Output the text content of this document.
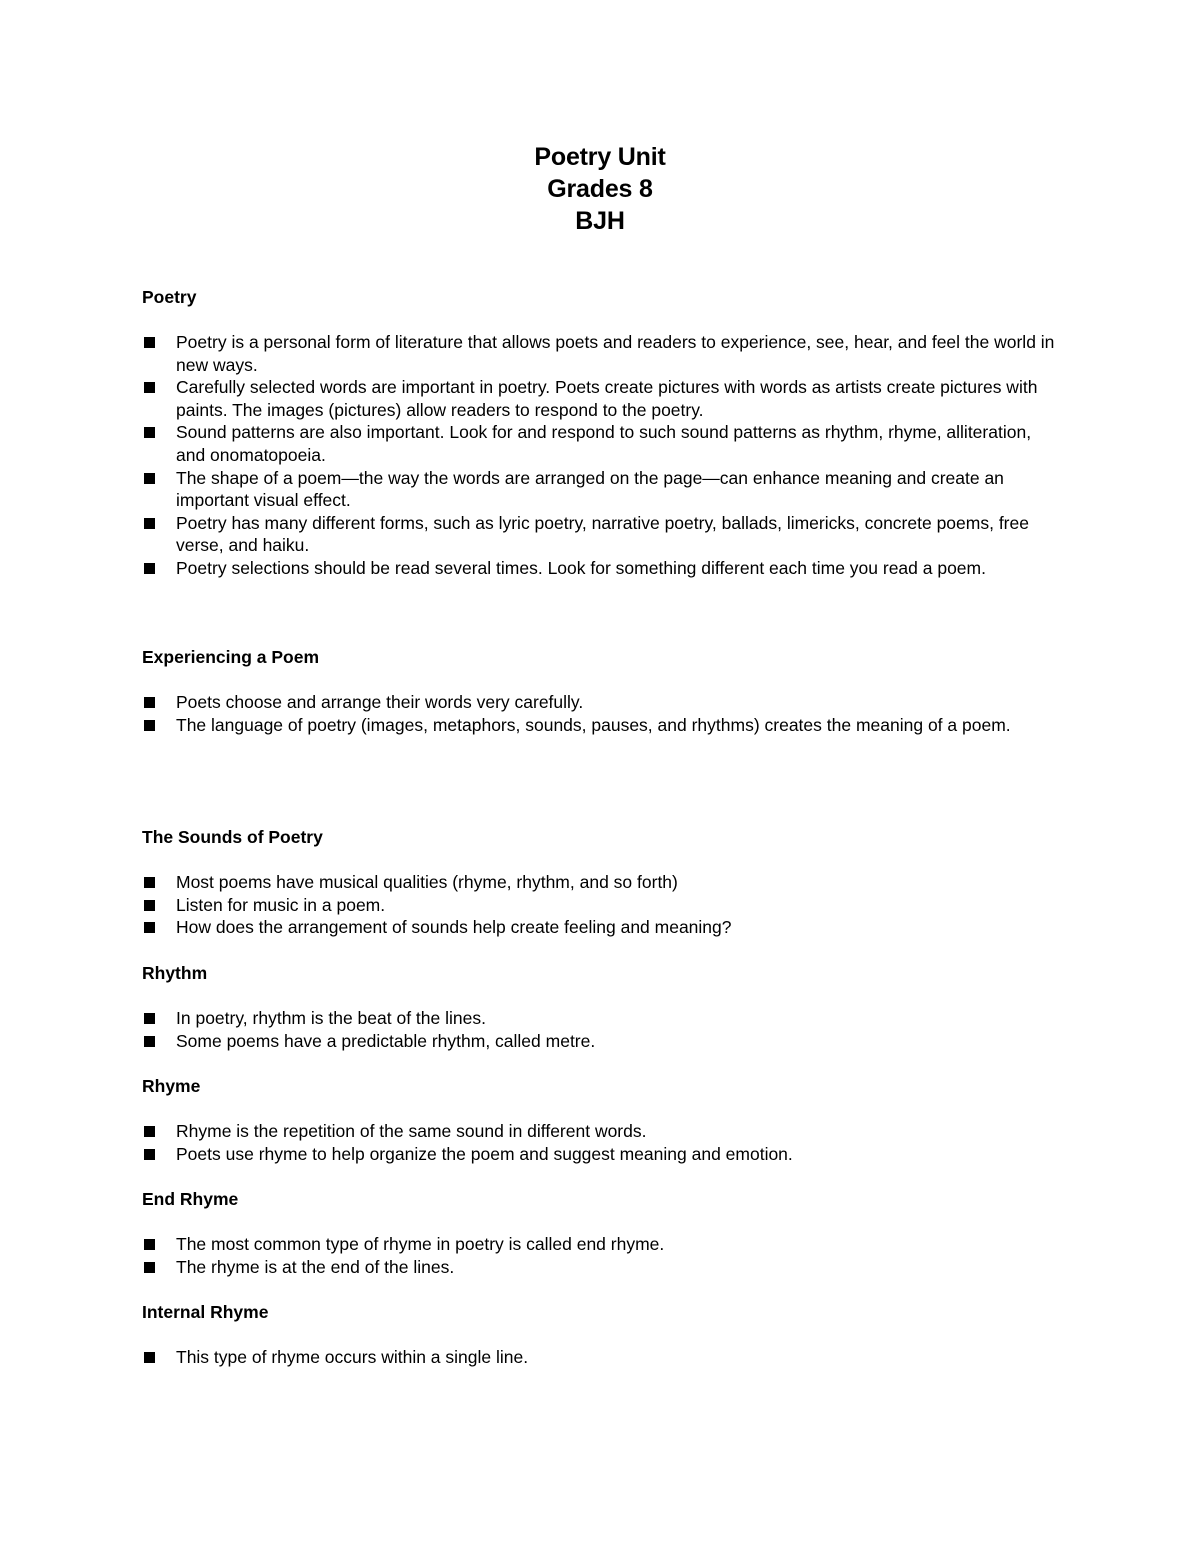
Poetry Unit
Grades 8
BJH
Poetry
Poetry is a personal form of literature that allows poets and readers to experience, see, hear, and feel the world in new ways.
Carefully selected words are important in poetry. Poets create pictures with words as artists create pictures with paints. The images (pictures) allow readers to respond to the poetry.
Sound patterns are also important. Look for and respond to such sound patterns as rhythm, rhyme, alliteration, and onomatopoeia.
The shape of a poem—the way the words are arranged on the page—can enhance meaning and create an important visual effect.
Poetry has many different forms, such as lyric poetry, narrative poetry, ballads, limericks, concrete poems, free verse, and haiku.
Poetry selections should be read several times. Look for something different each time you read a poem.
Experiencing a Poem
Poets choose and arrange their words very carefully.
The language of poetry (images, metaphors, sounds, pauses, and rhythms) creates the meaning of a poem.
The Sounds of Poetry
Most poems have musical qualities (rhyme, rhythm, and so forth)
Listen for music in a poem.
How does the arrangement of sounds help create feeling and meaning?
Rhythm
In poetry, rhythm is the beat of the lines.
Some poems have a predictable rhythm, called metre.
Rhyme
Rhyme is the repetition of the same sound in different words.
Poets use rhyme to help organize the poem and suggest meaning and emotion.
End Rhyme
The most common type of rhyme in poetry is called end rhyme.
The rhyme is at the end of the lines.
Internal Rhyme
This type of rhyme occurs within a single line.
